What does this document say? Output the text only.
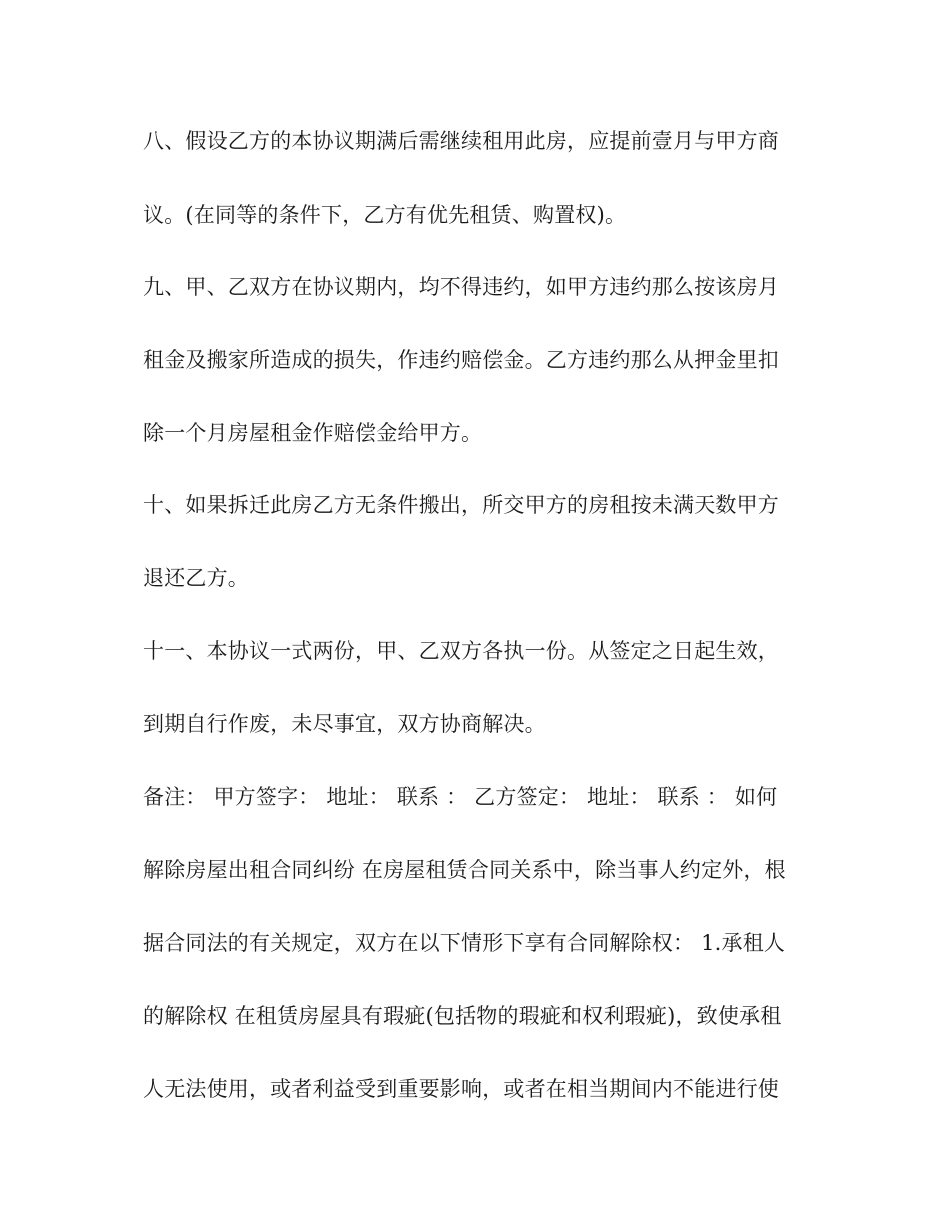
八、假设乙方的本协议期满后需继续租用此房，应提前壹月与甲方商
议。(在同等的条件下，乙方有优先租赁、购置权)。
九、甲、乙双方在协议期内，均不得违约，如甲方违约那么按该房月
租金及搬家所造成的损失，作违约赔偿金。乙方违约那么从押金里扣
除一个月房屋租金作赔偿金给甲方。
十、如果拆迁此房乙方无条件搬出，所交甲方的房租按未满天数甲方
退还乙方。
十一、本协议一式两份，甲、乙双方各执一份。从签定之日起生效，
到期自行作废，未尽事宜，双方协商解决。
备注： 甲方签字： 地址： 联系 ： 乙方签定： 地址： 联系 ： 如何
解除房屋出租合同纠纷 在房屋租赁合同关系中，除当事人约定外，根
据合同法的有关规定，双方在以下情形下享有合同解除权： 1.承租人
的解除权 在租赁房屋具有瑕疵(包括物的瑕疵和权利瑕疵)，致使承租
人无法使用，或者利益受到重要影响，或者在相当期间内不能进行使
